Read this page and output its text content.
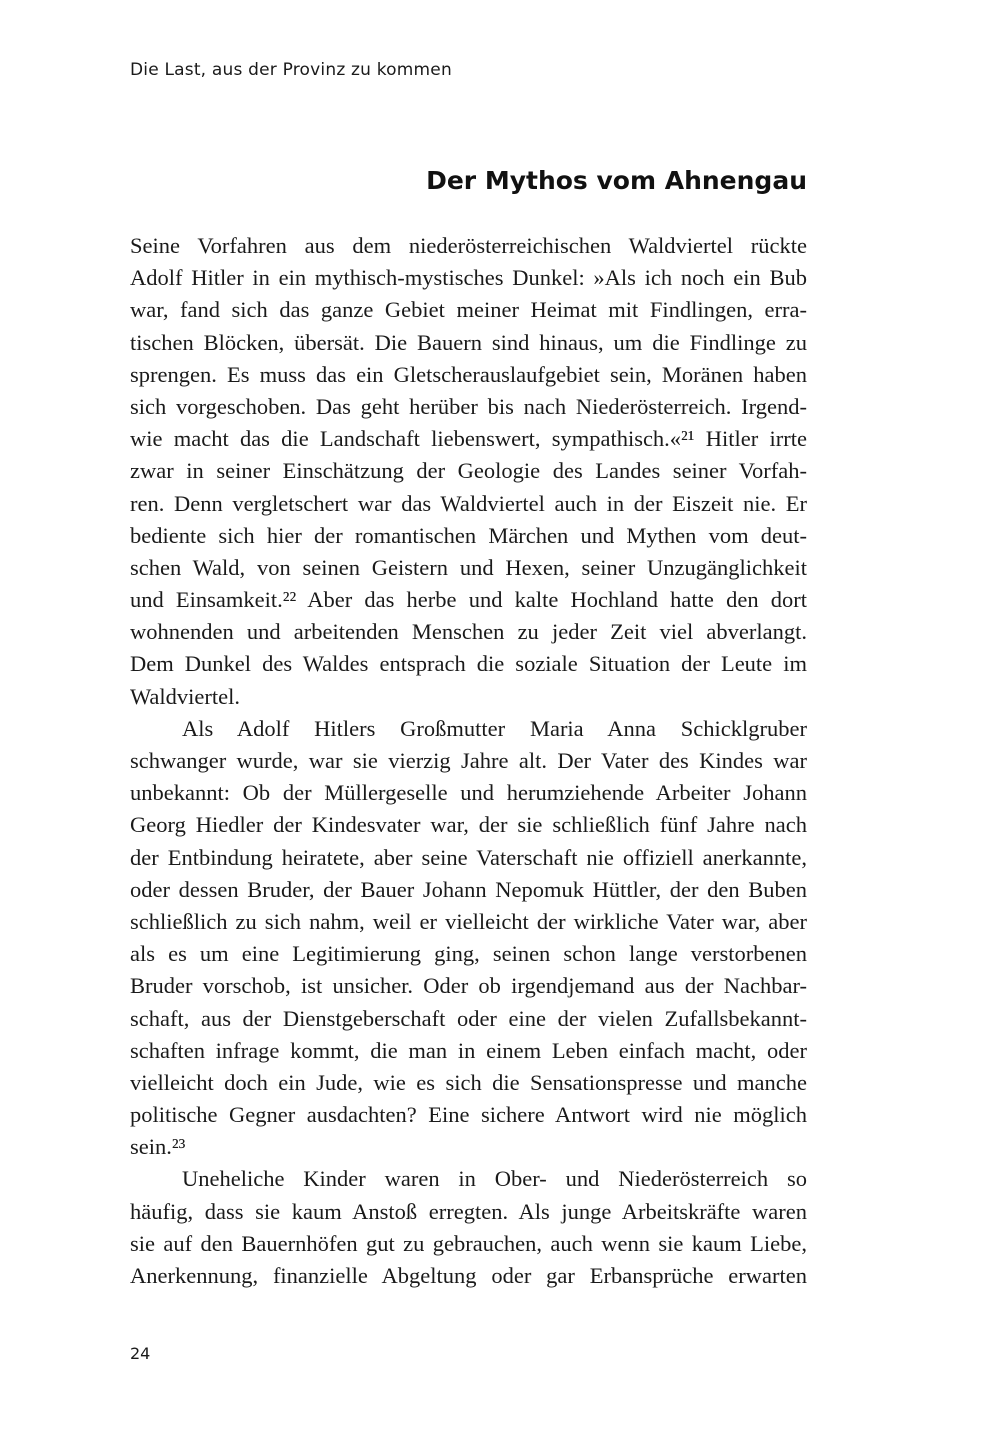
Die Last, aus der Provinz zu kommen
Der Mythos vom Ahnengau
Seine Vorfahren aus dem niederösterreichischen Waldviertel rückte
Adolf Hitler in ein mythisch-mystisches Dunkel: »Als ich noch ein Bub
war, fand sich das ganze Gebiet meiner Heimat mit Findlingen, erra-
tischen Blöcken, übersät. Die Bauern sind hinaus, um die Findlinge zu
sprengen. Es muss das ein Gletscherauslaufgebiet sein, Moränen haben
sich vorgeschoben. Das geht herüber bis nach Niederösterreich. Irgend-
wie macht das die Landschaft liebenswert, sympathisch.«²¹ Hitler irrte
zwar in seiner Einschätzung der Geologie des Landes seiner Vorfah-
ren. Denn vergletschert war das Waldviertel auch in der Eiszeit nie. Er
bediente sich hier der romantischen Märchen und Mythen vom deut-
schen Wald, von seinen Geistern und Hexen, seiner Unzugänglichkeit
und Einsamkeit.²² Aber das herbe und kalte Hochland hatte den dort
wohnenden und arbeitenden Menschen zu jeder Zeit viel abverlangt.
Dem Dunkel des Waldes entsprach die soziale Situation der Leute im
Waldviertel.
Als Adolf Hitlers Großmutter Maria Anna Schicklgruber
schwanger wurde, war sie vierzig Jahre alt. Der Vater des Kindes war
unbekannt: Ob der Müllergeselle und herumziehende Arbeiter Johann
Georg Hiedler der Kindesvater war, der sie schließlich fünf Jahre nach
der Entbindung heiratete, aber seine Vaterschaft nie offiziell anerkannte,
oder dessen Bruder, der Bauer Johann Nepomuk Hüttler, der den Buben
schließlich zu sich nahm, weil er vielleicht der wirkliche Vater war, aber
als es um eine Legitimierung ging, seinen schon lange verstorbenen
Bruder vorschob, ist unsicher. Oder ob irgendjemand aus der Nachbar-
schaft, aus der Dienstgeberschaft oder eine der vielen Zufallsbekannt-
schaften infrage kommt, die man in einem Leben einfach macht, oder
vielleicht doch ein Jude, wie es sich die Sensationspresse und manche
politische Gegner ausdachten? Eine sichere Antwort wird nie möglich
sein.²³
Uneheliche Kinder waren in Ober- und Niederösterreich so
häufig, dass sie kaum Anstoß erregten. Als junge Arbeitskräfte waren
sie auf den Bauernhöfen gut zu gebrauchen, auch wenn sie kaum Liebe,
Anerkennung, finanzielle Abgeltung oder gar Erbansprüche erwarten
24
